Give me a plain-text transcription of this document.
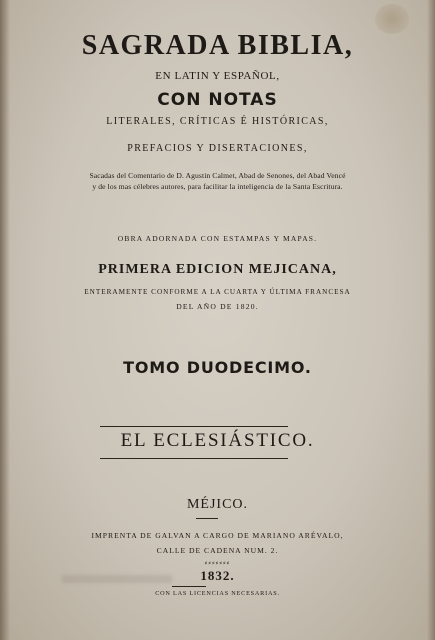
SAGRADA BIBLIA,
EN LATIN Y ESPAÑOL,
CON NOTAS
LITERALES, CRÍTICAS É HISTÓRICAS,
PREFACIOS Y DISERTACIONES,
Sacadas del Comentario de D. Agustin Calmet, Abad de Senones, del Abad Vencé
y de los mas célebres autores, para facilitar la inteligencia de la Santa Escritura.
OBRA ADORNADA CON ESTAMPAS Y MAPAS.
PRIMERA EDICION MEJICANA,
ENTERAMENTE CONFORME A LA CUARTA Y ÚLTIMA FRANCESA
DEL AÑO DE 1820.
TOMO DUODECIMO.
EL ECLESIÁSTICO.
MÉJICO.
IMPRENTA DE GALVAN A CARGO DE MARIANO ARÉVALO,
CALLE DE CADENA NUM. 2.
⸗⸗⸗⸗⸗⸗⸗
1832.
CON LAS LICENCIAS NECESARIAS.
